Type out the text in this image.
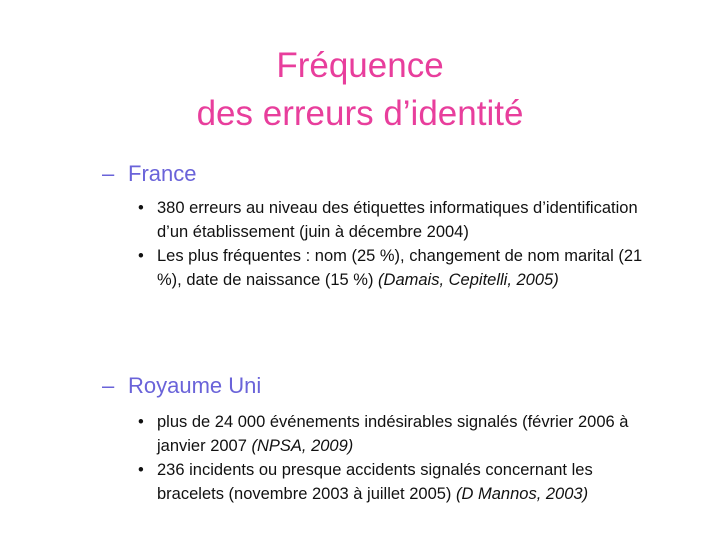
Fréquence
des erreurs d’identité
– France
• 380 erreurs au niveau des étiquettes informatiques d’identification d’un établissement (juin à décembre 2004)
• Les plus fréquentes : nom (25 %), changement de nom marital (21 %), date de naissance (15 %) (Damais, Cepitelli, 2005)
– Royaume Uni
• plus de 24 000 événements indésirables signalés (février 2006 à janvier 2007 (NPSA, 2009)
• 236 incidents ou presque accidents signalés concernant les bracelets (novembre 2003 à juillet 2005) (D Mannos, 2003)
